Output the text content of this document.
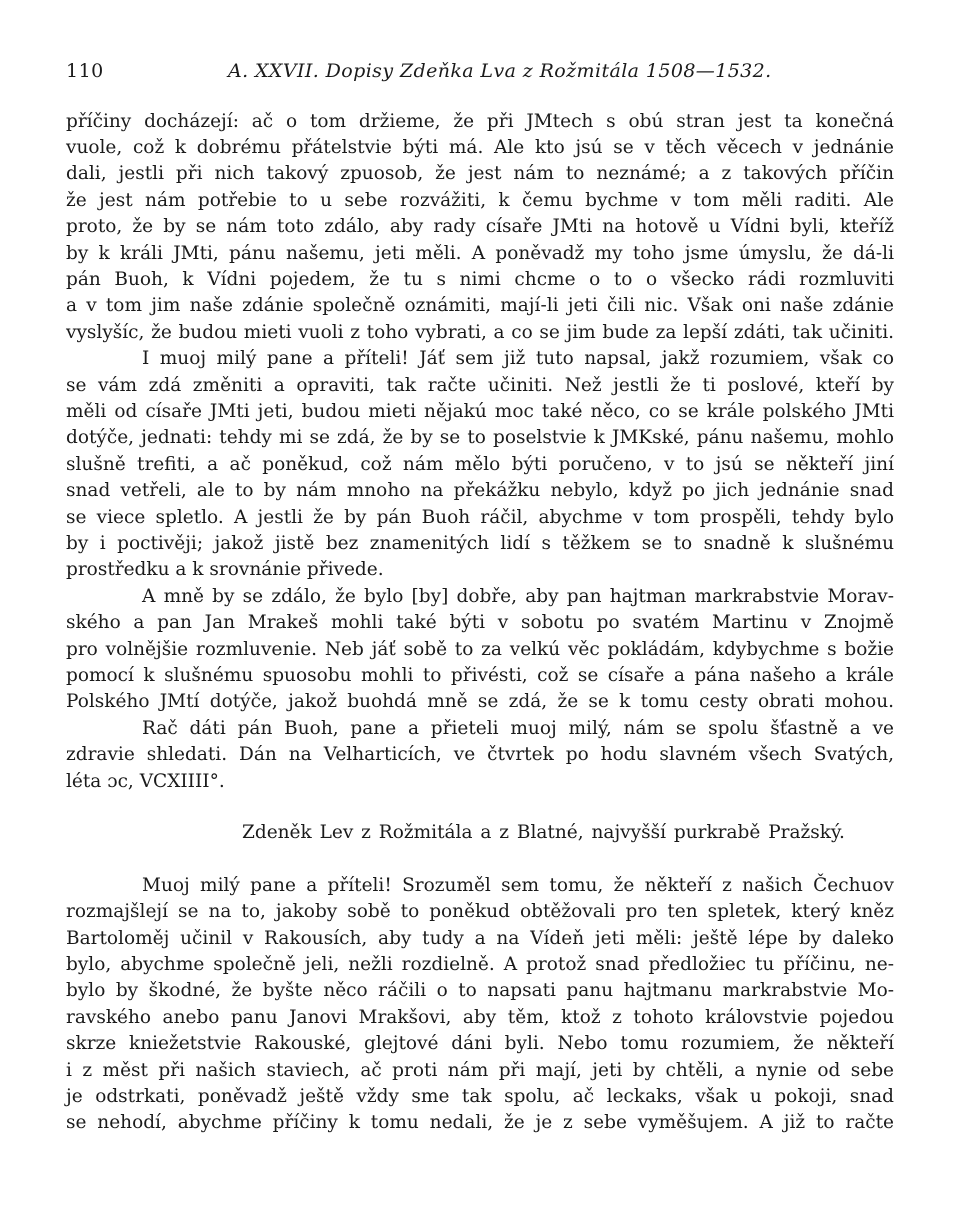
110	A. XXVII. Dopisy Zdeňka Lva z Rožmitála 1508—1532.
příčiny docházejí: ač o tom držieme, že při JMtech s obú stran jest ta konečná
vuole, což k dobrému přátelstvie býti má. Ale kto jsú se v těch věcech v jednánie
dali, jestli při nich takový zpuosob, že jest nám to neznámé; a z takových příčin
že jest nám potřebie to u sebe rozvážiti, k čemu bychme v tom měli raditi. Ale
proto, že by se nám toto zdálo, aby rady císaře JMti na hotově u Vídni byli, kteříž
by k králi JMti, pánu našemu, jeti měli. A poněvadž my toho jsme úmyslu, že dá-li
pán Buoh, k Vídni pojedem, že tu s nimi chcme o to o všecko rádi rozmluviti
a v tom jim naše zdánie společně oznámiti, mají-li jeti čili nic. Však oni naše zdánie
vyslyšíc, že budou mieti vuoli z toho vybrati, a co se jim bude za lepší zdáti, tak učiniti.
I muoj milý pane a příteli! Jáť sem již tuto napsal, jakž rozumiem, však co
se vám zdá změniti a opraviti, tak račte učiniti. Než jestli že ti poslové, kteří by
měli od císaře JMti jeti, budou mieti nějakú moc také něco, co se krále polského JMti
dotýče, jednati: tehdy mi se zdá, že by se to poselstvie k JMKské, pánu našemu, mohlo
slušně trefiti, a ač poněkud, což nám mělo býti poručeno, v to jsú se někteří jiní
snad vetřeli, ale to by nám mnoho na překážku nebylo, když po jich jednánie snad
se viece spletlo. A jestli že by pán Buoh ráčil, abychme v tom prospěli, tehdy bylo
by i poctivěji; jakož jistě bez znamenitých lidí s těžkem se to snadně k slušnému
prostředku a k srovnánie přivede.
A mně by se zdálo, že bylo [by] dobře, aby pan hajtman markrabstvie Morav-
ského a pan Jan Mrakeš mohli také býti v sobotu po svatém Martinu v Znojmě
pro volnějšie rozmluvenie. Neb jáť sobě to za velkú věc pokládám, kdybychme s božie
pomocí k slušnému spuosobu mohli to přivésti, což se císaře a pána našeho a krále
Polského JMtí dotýče, jakož buohdá mně se zdá, že se k tomu cesty obrati mohou.
Rač dáti pán Buoh, pane a přieteli muoj milý, nám se spolu šťastně a ve
zdravie shledati. Dán na Velharticích, ve čtvrtek po hodu slavném všech Svatých,
léta ɔc, VCXIIII°.
Zdeněk Lev z Rožmitála a z Blatné, najvyšší purkrabě Pražský.
Muoj milý pane a příteli! Srozuměl sem tomu, že někteří z našich Čechuov
rozmajšlejí se na to, jakoby sobě to poněkud obtěžovali pro ten spletek, který kněz
Bartoloměj učinil v Rakousích, aby tudy a na Vídeň jeti měli: ještě lépe by daleko
bylo, abychme společně jeli, nežli rozdielně. A protož snad předložiec tu příčinu, ne-
bylo by škodné, že byšte něco ráčili o to napsati panu hajtmanu markrabstvie Mo-
ravského anebo panu Janovi Mrakšovi, aby těm, ktož z tohoto královstvie pojedou
skrze kniežetstvie Rakouské, glejtové dáni byli. Nebo tomu rozumiem, že někteří
i z měst při našich staviech, ač proti nám při mají, jeti by chtěli, a nynie od sebe
je odstrkati, poněvadž ještě vždy sme tak spolu, ač leckaks, však u pokoji, snad
se nehodí, abychme příčiny k tomu nedali, že je z sebe vyměšujem. A již to račte
